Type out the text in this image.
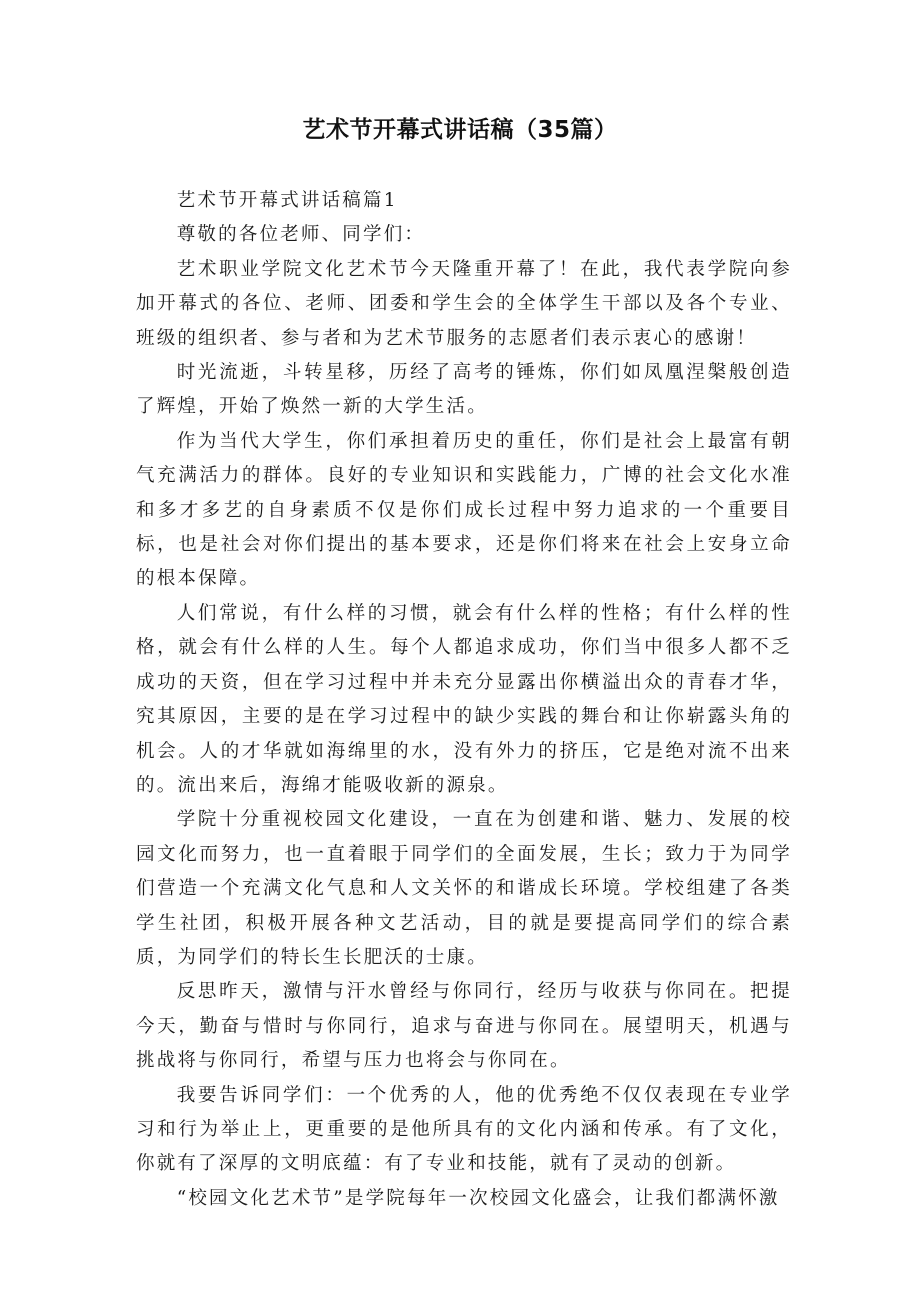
艺术节开幕式讲话稿（35篇）

艺术节开幕式讲话稿篇1

尊敬的各位老师、同学们：

艺术职业学院文化艺术节今天隆重开幕了！在此，我代表学院向参加开幕式的各位、老师、团委和学生会的全体学生干部以及各个专业、班级的组织者、参与者和为艺术节服务的志愿者们表示衷心的感谢！

时光流逝，斗转星移，历经了高考的锤炼，你们如凤凰涅槃般创造了辉煌，开始了焕然一新的大学生活。

作为当代大学生，你们承担着历史的重任，你们是社会上最富有朝气充满活力的群体。良好的专业知识和实践能力，广博的社会文化水准和多才多艺的自身素质不仅是你们成长过程中努力追求的一个重要目标，也是社会对你们提出的基本要求，还是你们将来在社会上安身立命的根本保障。

人们常说，有什么样的习惯，就会有什么样的性格；有什么样的性格，就会有什么样的人生。每个人都追求成功，你们当中很多人都不乏成功的天资，但在学习过程中并未充分显露出你横溢出众的青春才华，究其原因，主要的是在学习过程中的缺少实践的舞台和让你崭露头角的机会。人的才华就如海绵里的水，没有外力的挤压，它是绝对流不出来的。流出来后，海绵才能吸收新的源泉。

学院十分重视校园文化建设，一直在为创建和谐、魅力、发展的校园文化而努力，也一直着眼于同学们的全面发展，生长；致力于为同学们营造一个充满文化气息和人文关怀的和谐成长环境。学校组建了各类学生社团，积极开展各种文艺活动，目的就是要提高同学们的综合素质，为同学们的特长生长肥沃的士康。

反思昨天，激情与汗水曾经与你同行，经历与收获与你同在。把提今天，勤奋与惜时与你同行，追求与奋进与你同在。展望明天，机遇与挑战将与你同行，希望与压力也将会与你同在。

我要告诉同学们：一个优秀的人，他的优秀绝不仅仅表现在专业学习和行为举止上，更重要的是他所具有的文化内涵和传承。有了文化，你就有了深厚的文明底蕴：有了专业和技能，就有了灵动的创新。

“校园文化艺术节”是学院每年一次校园文化盛会，让我们都满怀激
